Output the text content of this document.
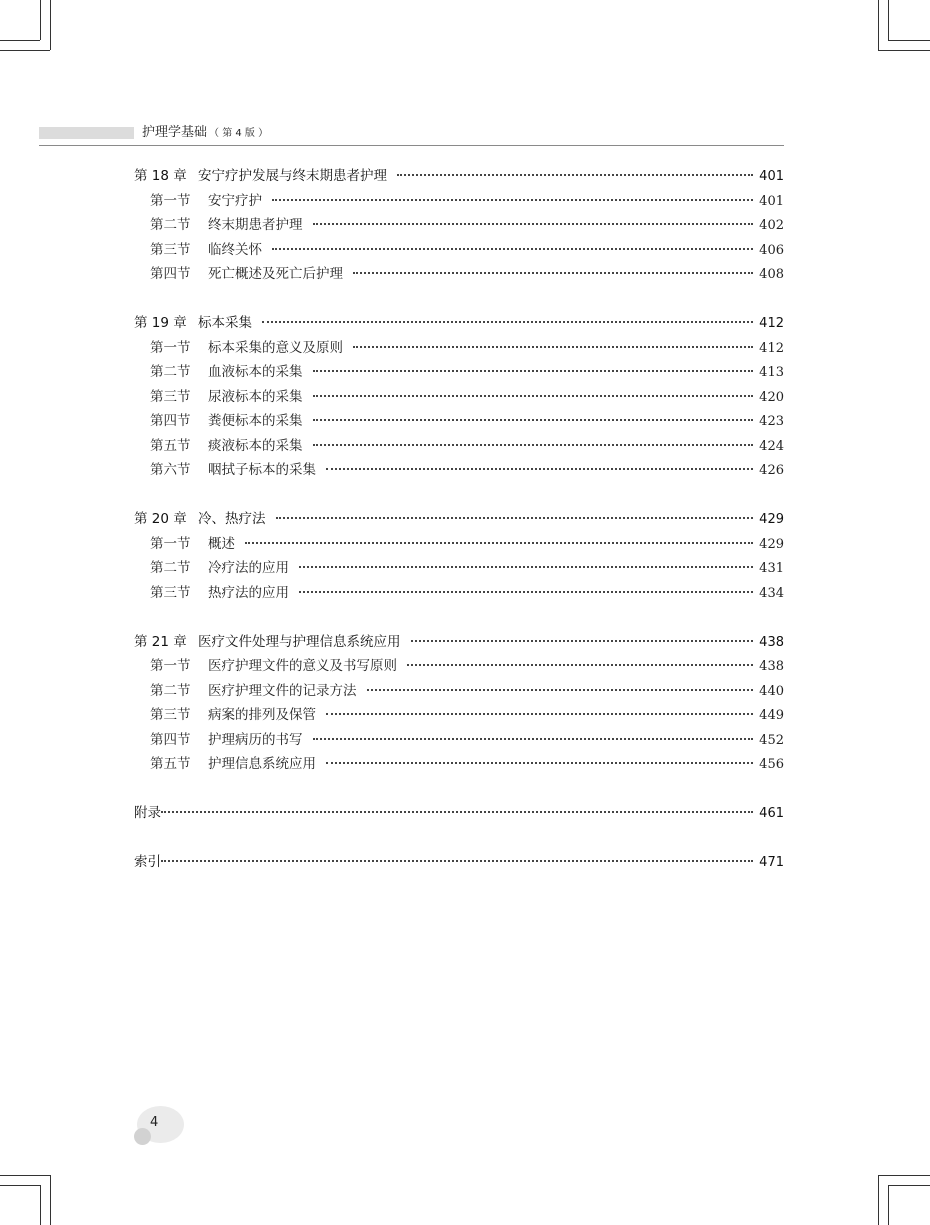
护理学基础 （ 第 4 版 ）
第 18 章 安宁疗护发展与终末期患者护理	401
第一节	安宁疗护	401
第二节	终末期患者护理	402
第三节	临终关怀	406
第四节	死亡概述及死亡后护理	408
第 19 章 标本采集	412
第一节	标本采集的意义及原则	412
第二节	血液标本的采集	413
第三节	尿液标本的采集	420
第四节	粪便标本的采集	423
第五节	痰液标本的采集	424
第六节	咽拭子标本的采集	426
第 20 章 冷、热疗法	429
第一节	概述	429
第二节	冷疗法的应用	431
第三节	热疗法的应用	434
第 21 章 医疗文件处理与护理信息系统应用	438
第一节	医疗护理文件的意义及书写原则	438
第二节	医疗护理文件的记录方法	440
第三节	病案的排列及保管	449
第四节	护理病历的书写	452
第五节	护理信息系统应用	456
附录	461
索引	471
4
